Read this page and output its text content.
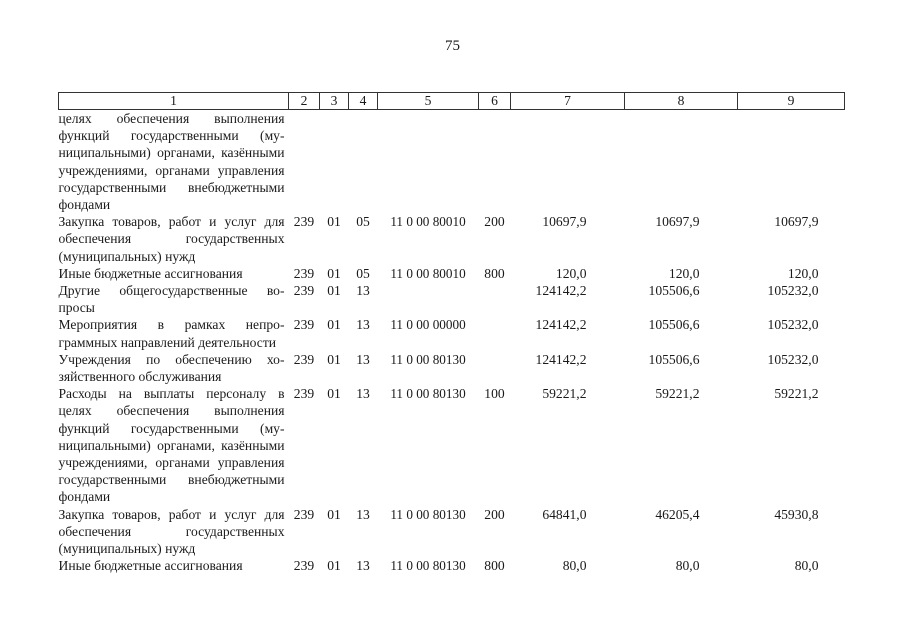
75
1	2	3	4	5	6	7	8	9
целях обеспечения выполнения функций государственными (муниципальными) органами, казёнными учреждениями, органами управления государственными внебюджетными фондами								
Закупка товаров, работ и услуг для обеспечения государственных (муниципальных) нужд	239	01	05	11 0 00 80010	200	10697,9	10697,9	10697,9
Иные бюджетные ассигнования	239	01	05	11 0 00 80010	800	120,0	120,0	120,0
Другие общегосударственные вопросы	239	01	13			124142,2	105506,6	105232,0
Мероприятия в рамках непрограммных направлений деятельности	239	01	13	11 0 00 00000		124142,2	105506,6	105232,0
Учреждения по обеспечению хозяйственного обслуживания	239	01	13	11 0 00 80130		124142,2	105506,6	105232,0
Расходы на выплаты персоналу в целях обеспечения выполнения функций государственными (муниципальными) органами, казёнными учреждениями, органами управления государственными внебюджетными фондами	239	01	13	11 0 00 80130	100	59221,2	59221,2	59221,2
Закупка товаров, работ и услуг для обеспечения государственных (муниципальных) нужд	239	01	13	11 0 00 80130	200	64841,0	46205,4	45930,8
Иные бюджетные ассигнования	239	01	13	11 0 00 80130	800	80,0	80,0	80,0
